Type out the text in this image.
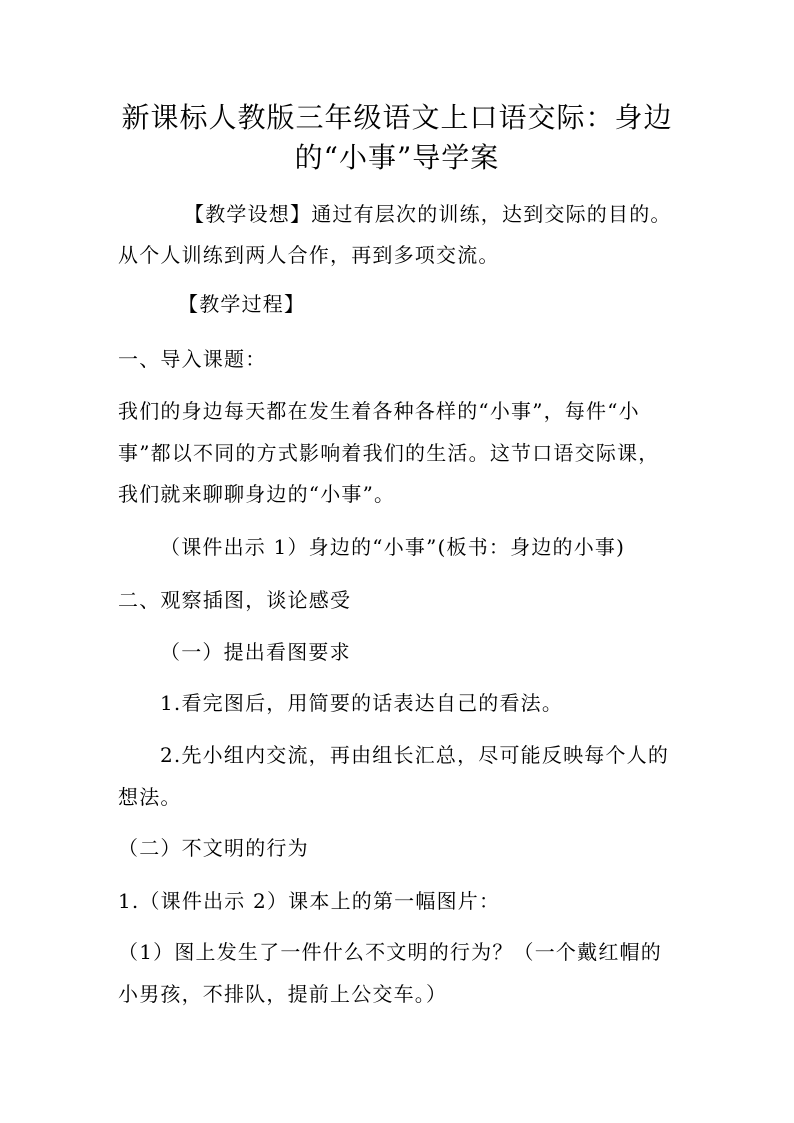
新课标人教版三年级语文上口语交际：身边
的“小事”导学案
【教学设想】通过有层次的训练，达到交际的目的。
从个人训练到两人合作，再到多项交流。
【教学过程】
一、导入课题：
我们的身边每天都在发生着各种各样的“小事”，每件“小
事”都以不同的方式影响着我们的生活。这节口语交际课，
我们就来聊聊身边的“小事”。
（课件出示 1）身边的“小事”(板书：身边的小事)
二、观察插图，谈论感受
（一）提出看图要求
1.看完图后，用简要的话表达自己的看法。
2.先小组内交流，再由组长汇总，尽可能反映每个人的
想法。
（二）不文明的行为
1.（课件出示 2）课本上的第一幅图片：
（1）图上发生了一件什么不文明的行为？（一个戴红帽的
小男孩，不排队，提前上公交车。）
